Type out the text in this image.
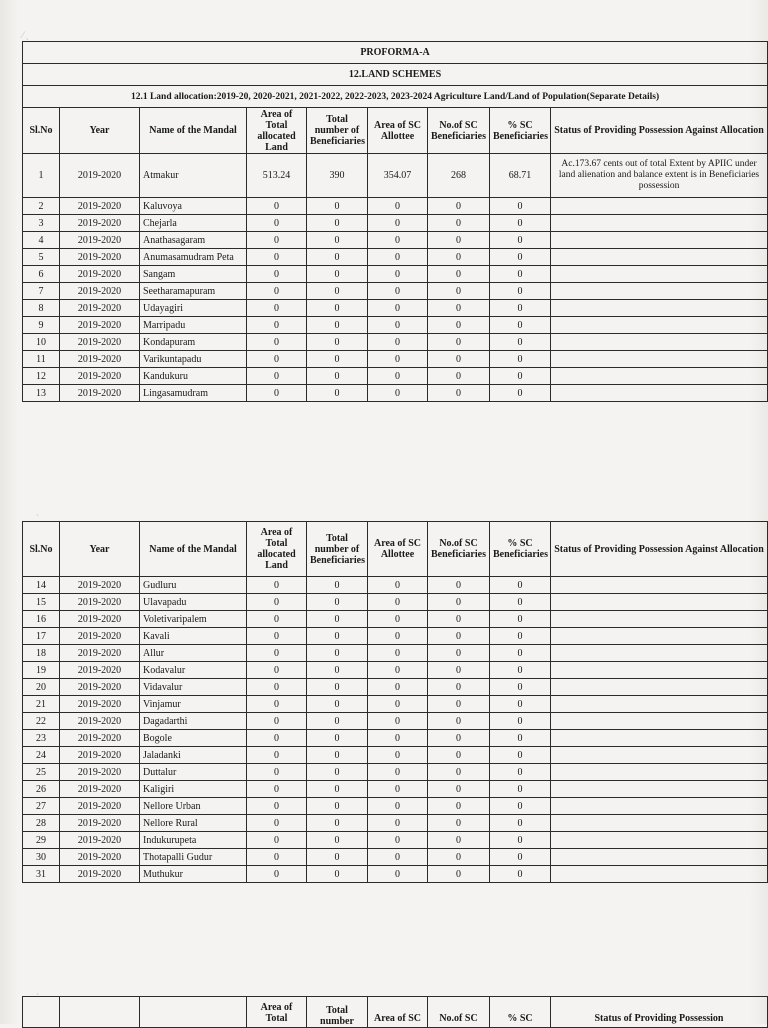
⁄ ˏ
ˎ
ˏ
PROFORMA-A								
12.LAND SCHEMES								
12.1 Land allocation:2019-20, 2020-2021, 2021-2022, 2022-2023, 2023-2024 Agriculture Land/Land of Population(Separate Details)								
Sl.No	Year	Name of the Mandal	Area of Total allocated Land	Total number of Beneficiaries	Area of SC Allottee	No.of SC Beneficiaries	% SC Beneficiaries	Status of Providing Possession Against Allocation
1	2019-2020	Atmakur	513.24	390	354.07	268	68.71	Ac.173.67 cents out of total Extent by APIIC under land alienation and balance extent is in Beneficiaries possession
2	2019-2020	Kaluvoya	0	0	0	0	0	
3	2019-2020	Chejarla	0	0	0	0	0	
4	2019-2020	Anathasagaram	0	0	0	0	0	
5	2019-2020	Anumasamudram Peta	0	0	0	0	0	
6	2019-2020	Sangam	0	0	0	0	0	
7	2019-2020	Seetharamapuram	0	0	0	0	0	
8	2019-2020	Udayagiri	0	0	0	0	0	
9	2019-2020	Marripadu	0	0	0	0	0	
10	2019-2020	Kondapuram	0	0	0	0	0	
11	2019-2020	Varikuntapadu	0	0	0	0	0	
12	2019-2020	Kandukuru	0	0	0	0	0	
13	2019-2020	Lingasamudram	0	0	0	0	0	
Sl.No	Year	Name of the Mandal	Area of Total allocated Land	Total number of Beneficiaries	Area of SC Allottee	No.of SC Beneficiaries	% SC Beneficiaries	Status of Providing Possession Against Allocation
14	2019-2020	Gudluru	0	0	0	0	0	
15	2019-2020	Ulavapadu	0	0	0	0	0	
16	2019-2020	Voletivaripalem	0	0	0	0	0	
17	2019-2020	Kavali	0	0	0	0	0	
18	2019-2020	Allur	0	0	0	0	0	
19	2019-2020	Kodavalur	0	0	0	0	0	
20	2019-2020	Vidavalur	0	0	0	0	0	
21	2019-2020	Vinjamur	0	0	0	0	0	
22	2019-2020	Dagadarthi	0	0	0	0	0	
23	2019-2020	Bogole	0	0	0	0	0	
24	2019-2020	Jaladanki	0	0	0	0	0	
25	2019-2020	Duttalur	0	0	0	0	0	
26	2019-2020	Kaligiri	0	0	0	0	0	
27	2019-2020	Nellore Urban	0	0	0	0	0	
28	2019-2020	Nellore Rural	0	0	0	0	0	
29	2019-2020	Indukurupeta	0	0	0	0	0	
30	2019-2020	Thotapalli Gudur	0	0	0	0	0	
31	2019-2020	Muthukur	0	0	0	0	0	
			Area of Total	Total number	Area of SC	No.of SC	% SC	Status of Providing Possession
